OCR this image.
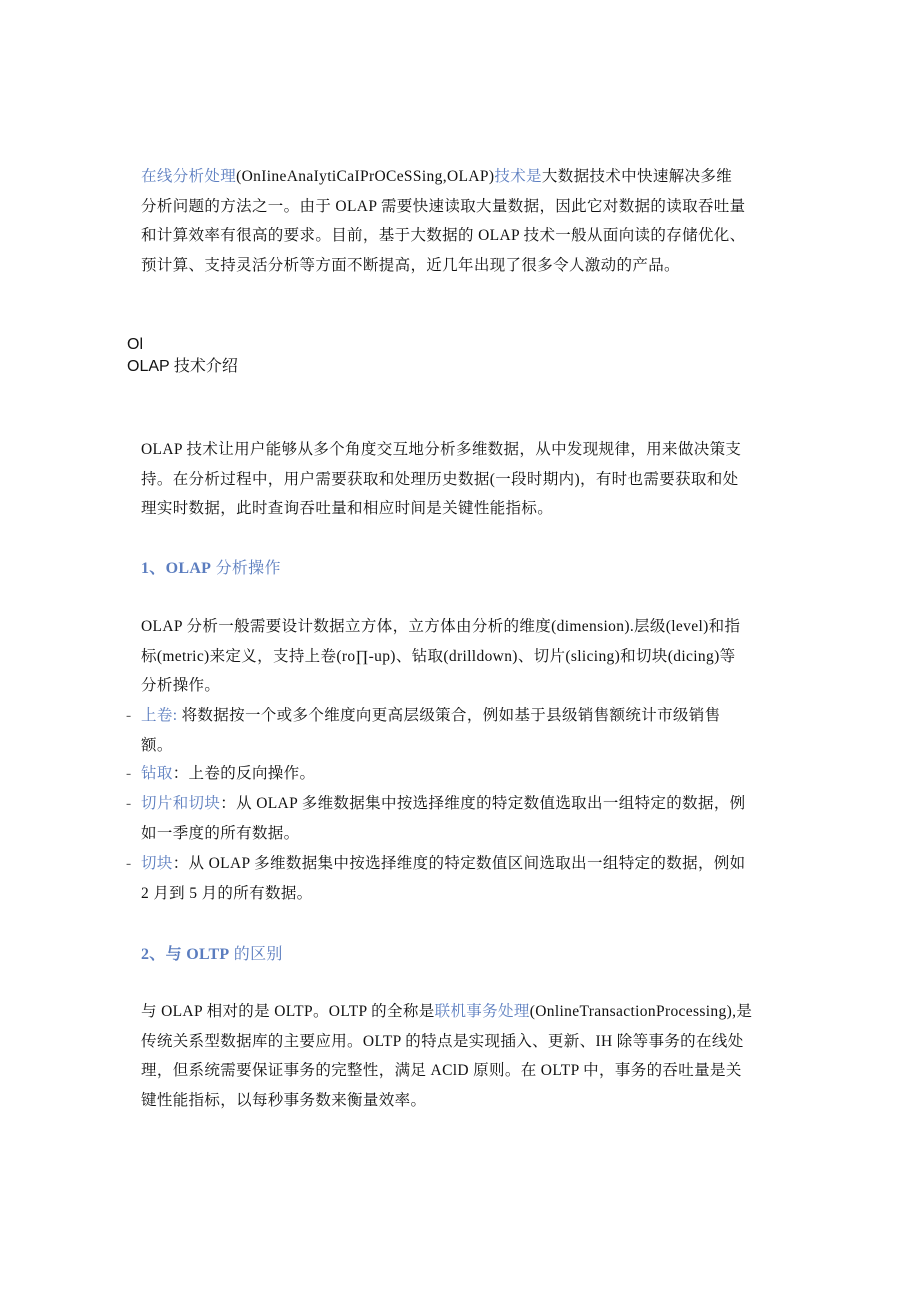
在线分析处理(OnIineAnaIytiCaIPrOCeSSing,OLAP)技术是大数据技术中快速解决多维
分析问题的方法之一。由于 OLAP 需要快速读取大量数据，因此它对数据的读取吞吐量
和计算效率有很高的要求。目前，基于大数据的 OLAP 技术一般从面向读的存储优化、
预计算、支持灵活分析等方面不断提高，近几年出现了很多令人激动的产品。
Ol
OLAP 技术介绍
OLAP 技术让用户能够从多个角度交互地分析多维数据，从中发现规律，用来做决策支
持。在分析过程中，用户需要获取和处理历史数据(一段时期内)，有时也需要获取和处
理实时数据，此时查询吞吐量和相应时间是关键性能指标。
1、OLAP 分析操作
OLAP 分析一般需要设计数据立方体，立方体由分析的维度(dimension).层级(level)和指
标(metric)来定义，支持上卷(ro∏-up)、钻取(drilldown)、切片(slicing)和切块(dicing)等
分析操作。
- 上卷: 将数据按一个或多个维度向更高层级策合，例如基于县级销售额统计市级销售
额。
- 钻取：上卷的反向操作。
- 切片和切块：从 OLAP 多维数据集中按选择维度的特定数值选取出一组特定的数据，例
如一季度的所有数据。
- 切块：从 OLAP 多维数据集中按选择维度的特定数值区间选取出一组特定的数据，例如
2 月到 5 月的所有数据。
2、与 OLTP 的区别
与 OLAP 相对的是 OLTP。OLTP 的全称是联机事务处理(OnlineTransactionProcessing),是
传统关系型数据库的主要应用。OLTP 的特点是实现插入、更新、IH 除等事务的在线处
理，但系统需要保证事务的完整性，满足 AClD 原则。在 OLTP 中，事务的吞吐量是关
键性能指标，以每秒事务数来衡量效率。
